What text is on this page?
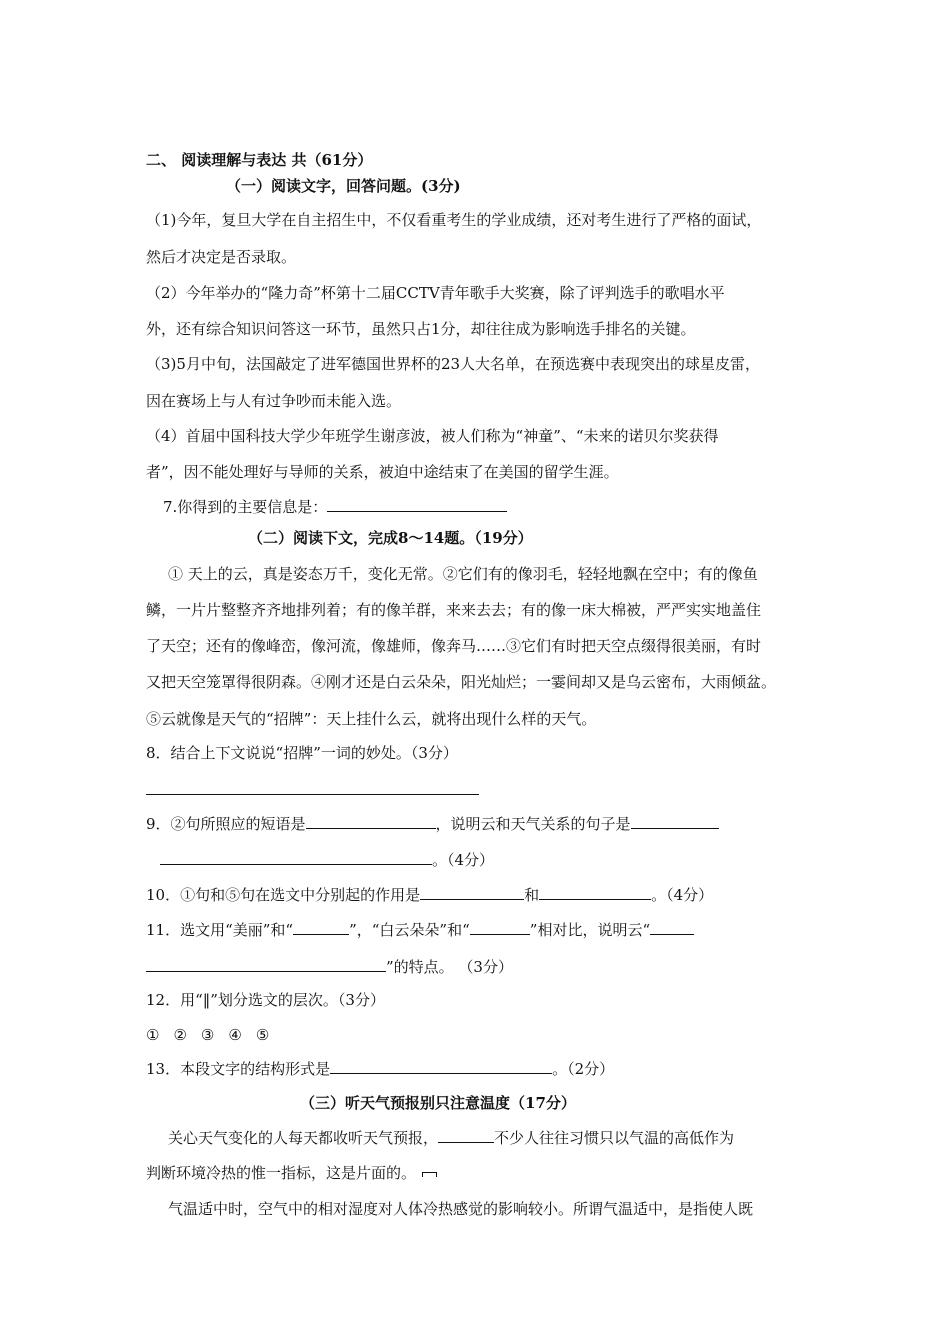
二、 阅读理解与表达 共（61分）
（一）阅读文字，回答问题。(3分)
（1)今年，复旦大学在自主招生中，不仅看重考生的学业成绩，还对考生进行了严格的面试，
然后才决定是否录取。
（2）今年举办的“隆力奇”杯第十二届CCTV青年歌手大奖赛，除了评判选手的歌唱水平
外，还有综合知识问答这一环节，虽然只占1分，却往往成为影响选手排名的关键。
（3)5月中旬，法国敲定了进军德国世界杯的23人大名单，在预选赛中表现突出的球星皮雷，
因在赛场上与人有过争吵而未能入选。
（4）首届中国科技大学少年班学生谢彦波，被人们称为“神童”、“未来的诺贝尔奖获得
者”，因不能处理好与导师的关系，被迫中途结束了在美国的留学生涯。
7.你得到的主要信息是：
（二）阅读下文，完成8～14题。（19分）
① 天上的云，真是姿态万千，变化无常。②它们有的像羽毛，轻轻地飘在空中；有的像鱼
鳞，一片片整整齐齐地排列着；有的像羊群，来来去去；有的像一床大棉被，严严实实地盖住
了天空；还有的像峰峦，像河流，像雄师，像奔马……③它们有时把天空点缀得很美丽，有时
又把天空笼罩得很阴森。④刚才还是白云朵朵，阳光灿烂；一霎间却又是乌云密布，大雨倾盆。
⑤云就像是天气的“招牌”：天上挂什么云，就将出现什么样的天气。
8．结合上下文说说“招牌”一词的妙处。（3分）
9．②句所照应的短语是	，说明云和天气关系的句子是
。（4分）
10．①句和⑤句在选文中分别起的作用是	和	。（4分）
11．选文用“美丽”和“	”，“白云朵朵”和“	”相对比，说明云“
”的特点。 （3分）
12．用“‖”划分选文的层次。（3分）
① ② ③ ④ ⑤
13．本段文字的结构形式是	。（2分）
（三）听天气预报别只注意温度（17分）
关心天气变化的人每天都收听天气预报，	不少人往往习惯只以气温的高低作为
判断环境冷热的惟一指标，这是片面的。
气温适中时，空气中的相对湿度对人体冷热感觉的影响较小。所谓气温适中，是指使人既
